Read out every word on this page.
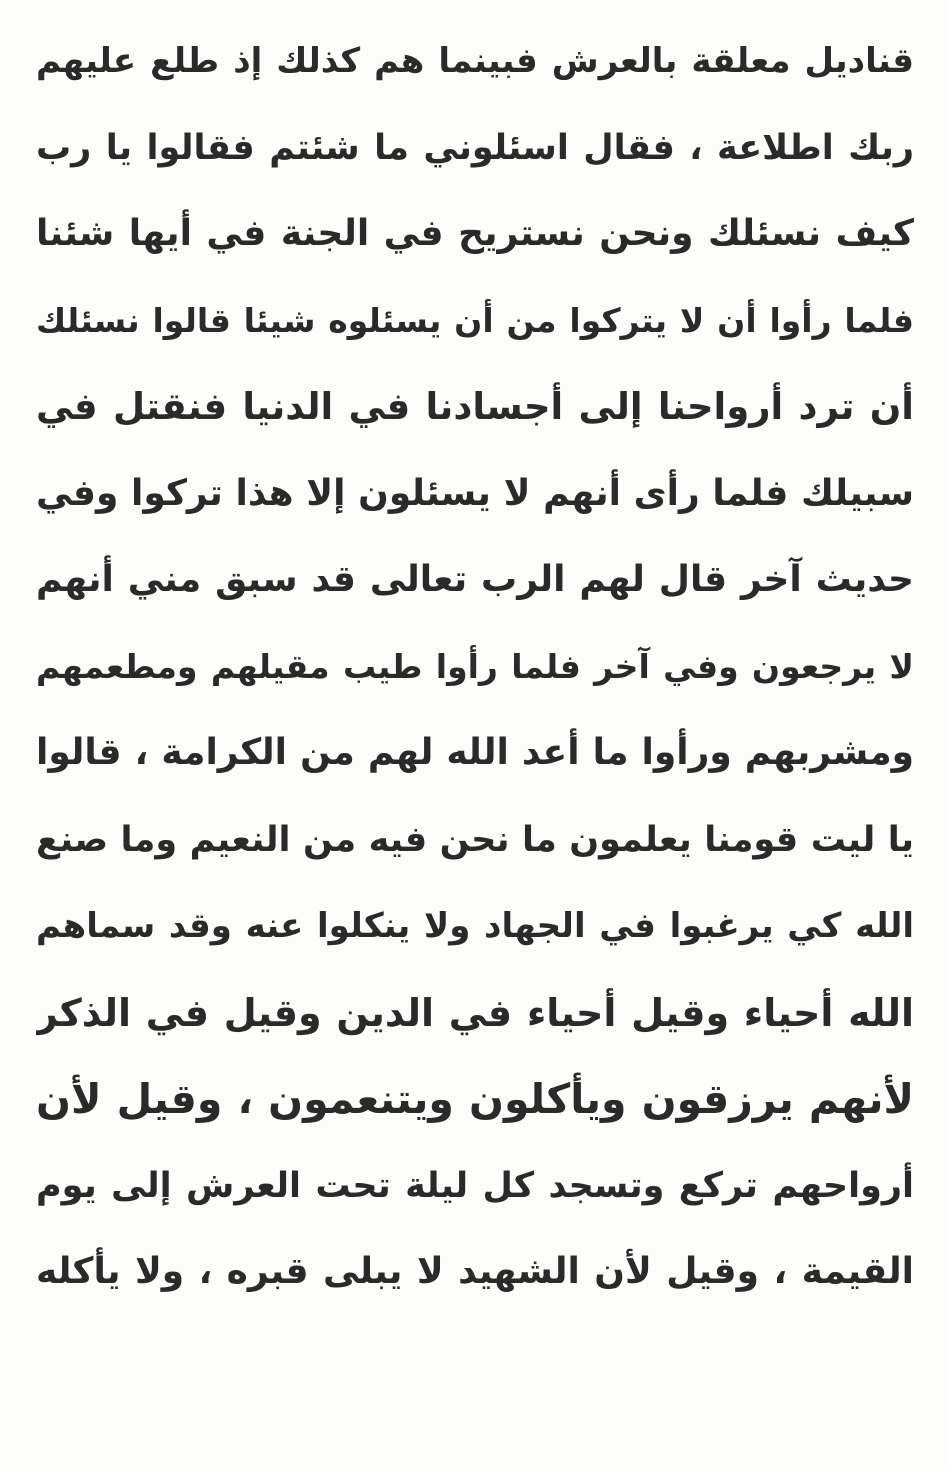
قناديل معلقة بالعرش فبينما هم كذلك إذ طلع عليهم
ربك اطلاعة ، فقال اسئلوني ما شئتم فقالوا يا رب
كيف نسئلك ونحن نستريح في الجنة في أيها شئنا
فلما رأوا أن لا يتركوا من أن يسئلوه شيئا قالوا نسئلك
أن ترد أرواحنا إلى أجسادنا في الدنيا فنقتل في
سبيلك فلما رأى أنهم لا يسئلون إلا هذا تركوا وفي
حديث آخر قال لهم الرب تعالى قد سبق مني أنهم
لا يرجعون وفي آخر فلما رأوا طيب مقيلهم ومطعمهم
ومشربهم ورأوا ما أعد الله لهم من الكرامة ، قالوا
يا ليت قومنا يعلمون ما نحن فيه من النعيم وما صنع
الله كي يرغبوا في الجهاد ولا ينكلوا عنه وقد سماهم
الله أحياء وقيل أحياء في الدين وقيل في الذكر
لأنهم يرزقون ويأكلون ويتنعمون ، وقيل لأن
أرواحهم تركع وتسجد كل ليلة تحت العرش إلى يوم
القيمة ، وقيل لأن الشهيد لا يبلى قبره ، ولا يأكله
